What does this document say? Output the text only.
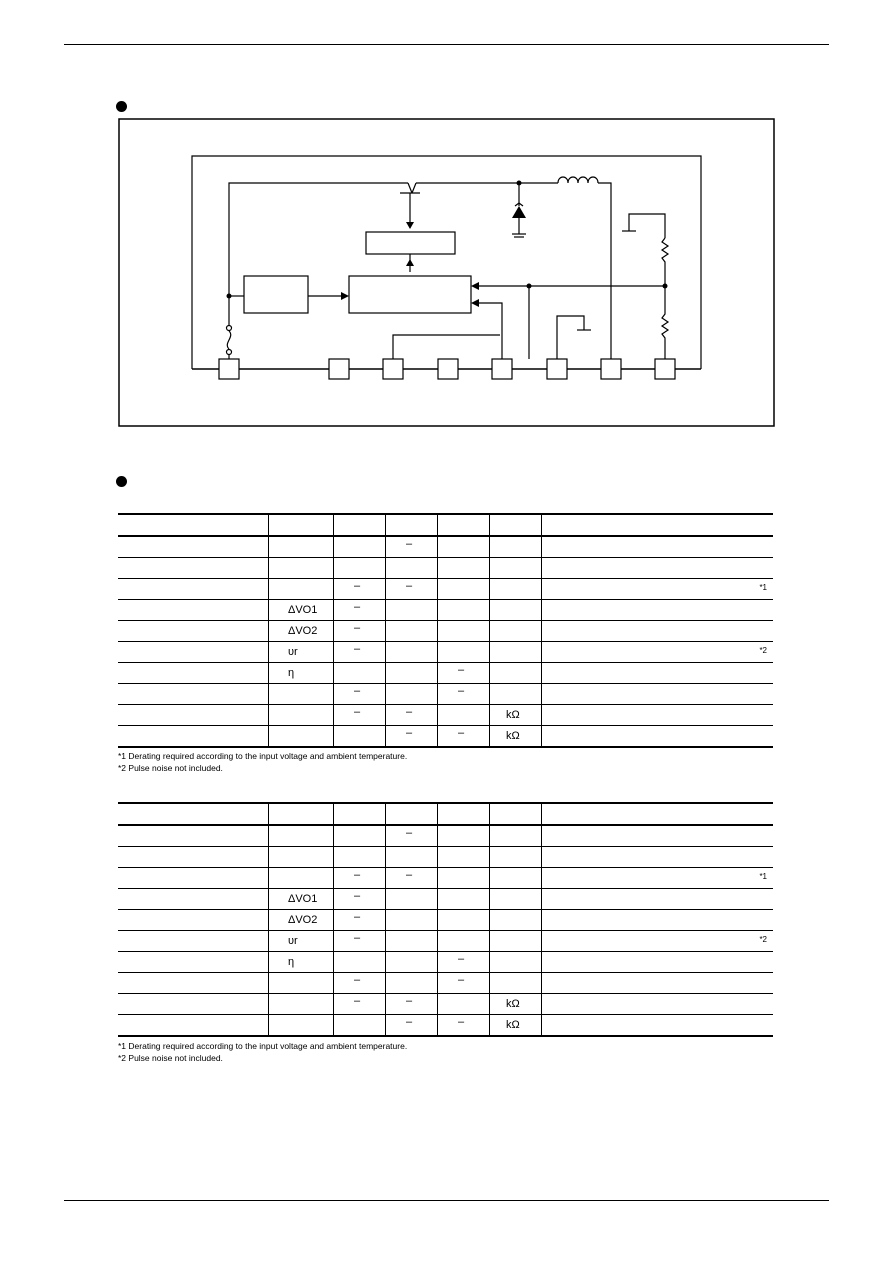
			–			

		–	–			*1

	ΔVO1	–				

	ΔVO2	–				

	υr	–				*2

	η			–		

		–		–		

		–	–		kΩ	

			–	–	kΩ	
*1 Derating required according to the input voltage and ambient temperature.
*2 Pulse noise not included.

			–			

		–	–			*1

	ΔVO1	–				

	ΔVO2	–				

	υr	–				*2

	η			–		

		–		–		

		–	–		kΩ	

			–	–	kΩ	
*1 Derating required according to the input voltage and ambient temperature.
*2 Pulse noise not included.
